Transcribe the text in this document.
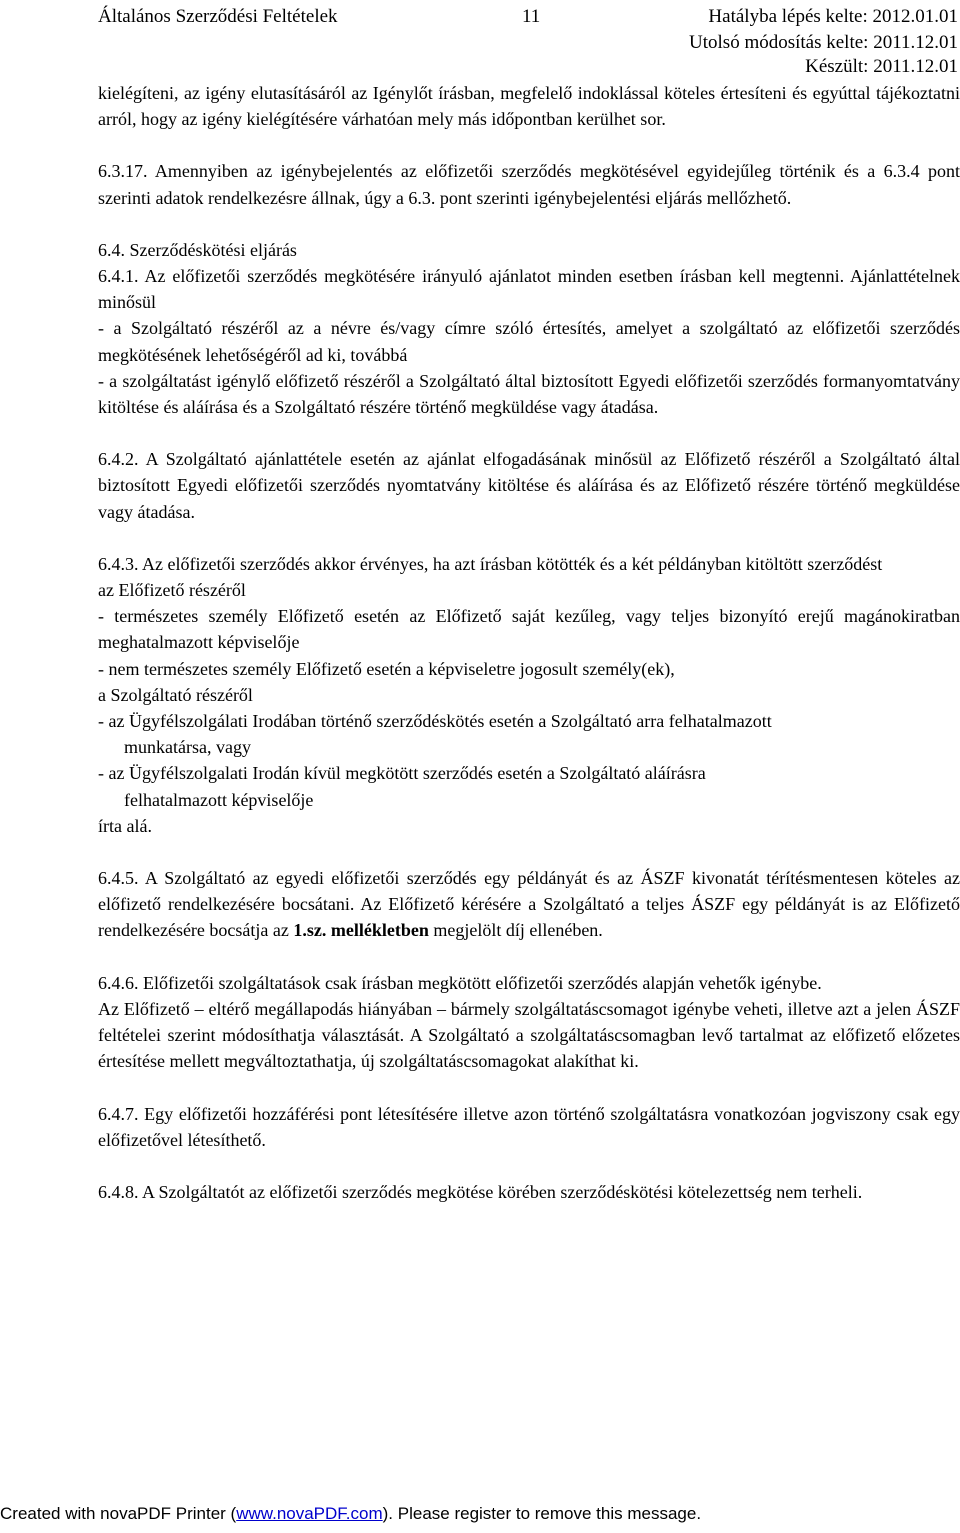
Általános Szerződési Feltételek	11	Hatályba lépés kelte: 2012.01.01
Utolsó módosítás kelte: 2011.12.01
Készült: 2011.12.01

kielégíteni, az igény elutasításáról az Igénylőt írásban, megfelelő indoklással köteles értesíteni és egyúttal tájékoztatni arról, hogy az igény kielégítésére várhatóan mely más időpontban kerülhet sor.

6.3.17. Amennyiben az igénybejelentés az előfizetői szerződés megkötésével egyidejűleg történik és a 6.3.4 pont szerinti adatok rendelkezésre állnak, úgy a 6.3. pont szerinti igénybejelentési eljárás mellőzhető.

6.4. Szerződéskötési eljárás

6.4.1. Az előfizetői szerződés megkötésére irányuló ajánlatot minden esetben írásban kell megtenni. Ajánlattételnek minősül

- a Szolgáltató részéről az a névre és/vagy címre szóló értesítés, amelyet a szolgáltató az előfizetői szerződés megkötésének lehetőségéről ad ki, továbbá

- a szolgáltatást igénylő előfizető részéről a Szolgáltató által biztosított Egyedi előfizetői szerződés formanyomtatvány kitöltése és aláírása és a Szolgáltató részére történő megküldése vagy átadása.

6.4.2. A Szolgáltató ajánlattétele esetén az ajánlat elfogadásának minősül az Előfizető részéről a Szolgáltató által biztosított Egyedi előfizetői szerződés nyomtatvány kitöltése és aláírása és az Előfizető részére történő megküldése vagy átadása.

6.4.3. Az előfizetői szerződés akkor érvényes, ha azt írásban kötötték és a két példányban kitöltött szerződést

az Előfizető részéről

- természetes személy Előfizető esetén az Előfizető saját kezűleg, vagy teljes bizonyító erejű magánokiratban meghatalmazott képviselője

- nem természetes személy Előfizető esetén a képviseletre jogosult személy(ek),

a Szolgáltató részéről

- az Ügyfélszolgálati Irodában történő szerződéskötés esetén a Szolgáltató arra felhatalmazott

munkatársa, vagy

- az Ügyfélszolgalati Irodán kívül megkötött szerződés esetén a Szolgáltató aláírásra

felhatalmazott képviselője

írta alá.

6.4.5. A Szolgáltató az egyedi előfizetői szerződés egy példányát és az ÁSZF kivonatát térítésmentesen köteles az előfizető rendelkezésére bocsátani. Az Előfizető kérésére a Szolgáltató a teljes ÁSZF egy példányát is az Előfizető rendelkezésére bocsátja az 1.sz. mellékletben megjelölt díj ellenében.

6.4.6. Előfizetői szolgáltatások csak írásban megkötött előfizetői szerződés alapján vehetők igénybe.

Az Előfizető – eltérő megállapodás hiányában – bármely szolgáltatáscsomagot igénybe veheti, illetve azt a jelen ÁSZF feltételei szerint módosíthatja választását. A Szolgáltató a szolgáltatáscsomagban levő tartalmat az előfizető előzetes értesítése mellett megváltoztathatja, új szolgáltatáscsomagokat alakíthat ki.

6.4.7. Egy előfizetői hozzáférési pont létesítésére illetve azon történő szolgáltatásra vonatkozóan jogviszony csak egy előfizetővel létesíthető.

6.4.8. A Szolgáltatót az előfizetői szerződés megkötése körében szerződéskötési kötelezettség nem terheli.

Created with novaPDF Printer (www.novaPDF.com). Please register to remove this message.
